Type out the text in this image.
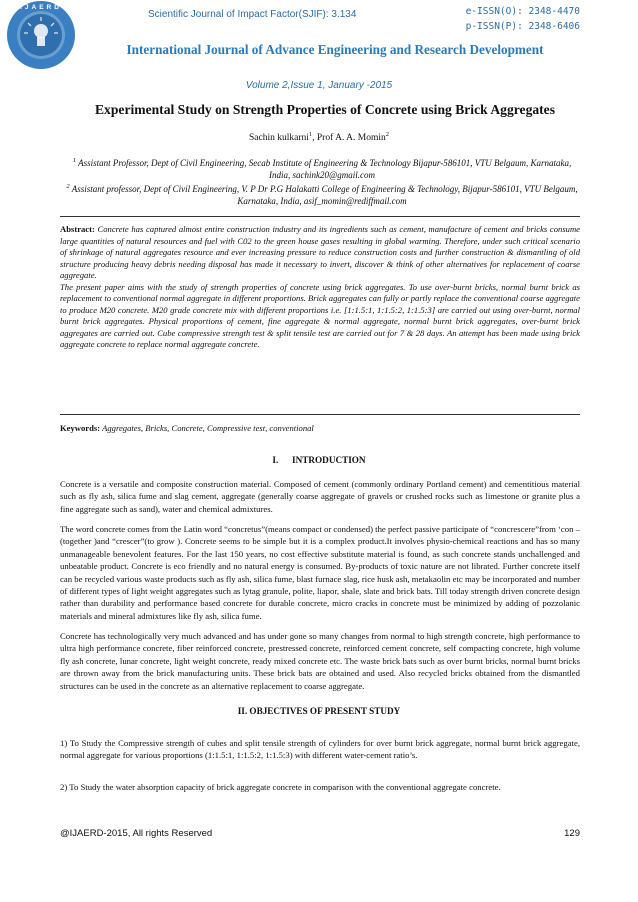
IJAERD
Scientific Journal of Impact Factor(SJIF): 3.134	e-ISSN(O): 2348-4470
p-ISSN(P): 2348-6406
International Journal of Advance Engineering and Research Development
Volume 2,Issue 1, January -2015
Experimental Study on Strength Properties of Concrete using Brick Aggregates
Sachin kulkarni$^1$, Prof A. A. Momin$^2$
$^1$ Assistant Professor, Dept of Civil Engineering, Secab Institute of Engineering & Technology Bijapur-586101, VTU Belgaum, Karnataka, India, sachink20@gmail.com
$^2$ Assistant professor, Dept of Civil Engineering, V. P Dr P.G Halakatti College of Engineering & Technology, Bijapur-586101, VTU Belgaum, Karnataka, India, asif_momin@rediffmail.com

Abstract: Concrete has captured almost entire construction industry and its ingredients such as cement, manufacture of cement and bricks consume large quantities of natural resources and fuel with C02 to the green house gases resulting in global warming. Therefore, under such critical scenario of shrinkage of natural aggregates resource and ever increasing pressure to reduce construction costs and further construction & dismantling of old structure producing heavy debris needing disposal has made it necessary to invert, discover & think of other alternatives for replacement of coarse aggregate.

The present paper aims with the study of strength properties of concrete using brick aggregates. To use over-burnt bricks, normal burnt brick as replacement to conventional normal aggregate in different proportions. Brick aggregates can fully or partly replace the conventional coarse aggregate to produce M20 concrete. M20 grade concrete mix with different proportions i.e. [1:1.5:1, 1:1.5:2, 1:1.5:3] are carried out using over-burnt, normal burnt brick aggregates. Physical proportions of cement, fine aggregate & normal aggregate, normal burnt brick aggregates, over-burnt brick aggregates are carried out. Cube compressive strength test & split tensile test are carried out for 7 & 28 days. An attempt has been made using brick aggregate concrete to replace normal aggregate concrete.

Keywords: Aggregates, Bricks, Concrete, Compressive test, conventional
I.      INTRODUCTION

Concrete is a versatile and composite construction material. Composed of cement (commonly ordinary Portland cement) and cementitious material such as fly ash, silica fume and slag cement, aggregate (generally coarse aggregate of gravels or crushed rocks such as limestone or granite plus a fine aggregate such as sand), water and chemical admixtures.

The word concrete comes from the Latin word “concretus”(means compact or condensed) the perfect passive participate of “concrescere”from ‘con –(together )and “crescer”(to grow ). Concrete seems to be simple but it is a complex product.It involves physio-chemical reactions and has so many unmanageable benevolent features. For the last 150 years, no cost effective substitute material is found, as such concrete stands unchallenged and unbeatable product. Concrete is eco friendly and no natural energy is consumed. By-products of toxic nature are not librated. Further concrete itself can be recycled various waste products such as fly ash, silica fume, blast furnace slag, rice husk ash, metakaolin etc may be incorporated and number of different types of light weight aggregates such as lytag granule, polite, liapor, shale, slate and brick bats. Till today strength driven concrete design rather than durability and performance based concrete for durable concrete, micro cracks in concrete must be minimized by adding of pozzolanic materials and mineral admixtures like fly ash, silica fume.

Concrete has technologically very much advanced and has under gone so many changes from normal to high strength concrete, high performance to ultra high performance concrete, fiber reinforced concrete, prestressed concrete, reinforced cement concrete, self compacting concrete, high volume fly ash concrete, lunar concrete, light weight concrete, ready mixed concrete etc. The waste brick bats such as over burnt bricks, normal burnt bricks are thrown away from the brick manufacturing units. These brick bats are obtained and used. Also recycled bricks obtained from the dismantled structures can be used in the concrete as an alternative replacement to coarse aggregate.

II. OBJECTIVES OF PRESENT STUDY

1) To Study the Compressive strength of cubes and split tensile strength of cylinders for over burnt brick aggregate, normal burnt brick aggregate, normal aggregate for various proportions (1:1.5:1, 1:1.5:2, 1:1.5:3) with different water-cement ratio’s.

2) To Study the water absorption capacity of brick aggregate concrete in comparison with the conventional aggregate concrete.

@IJAERD-2015, All rights Reserved	129
